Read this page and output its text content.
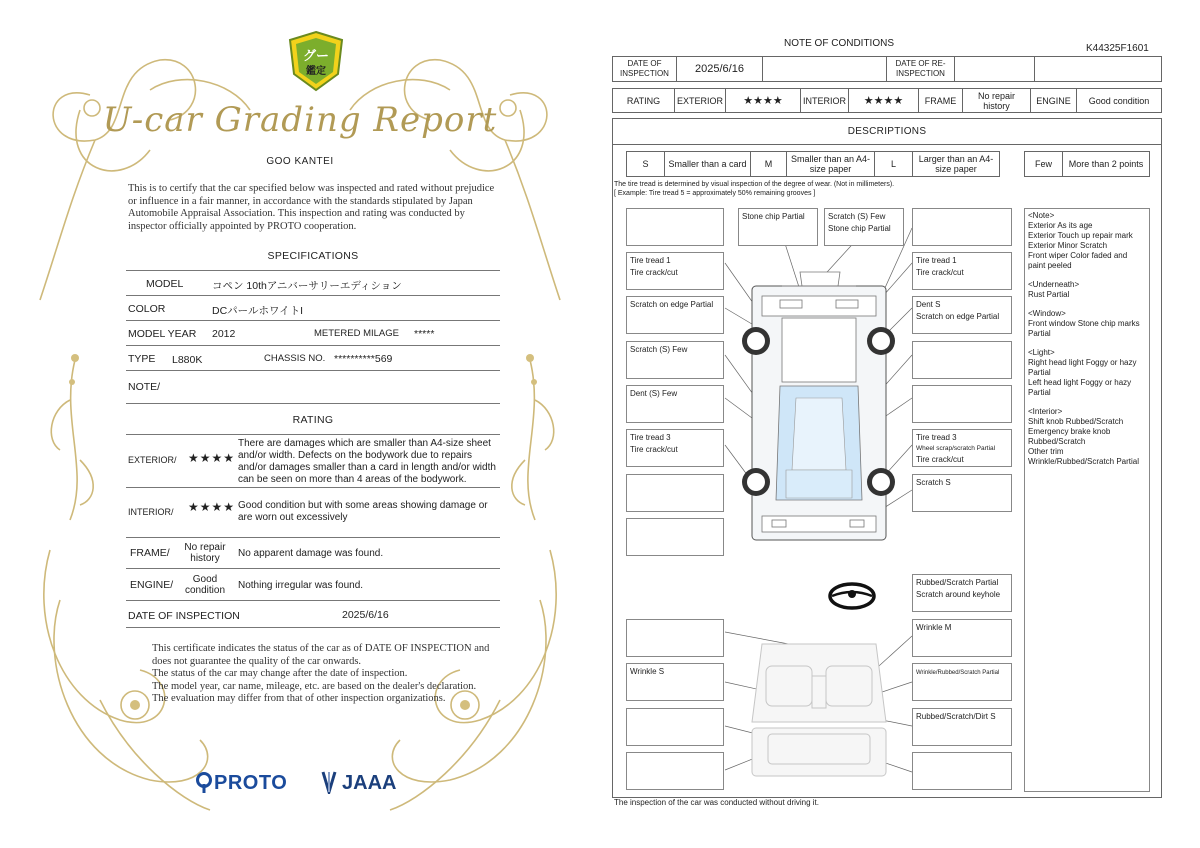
グー
鑑定
U-car Grading Report
GOO KANTEI
This is to certify that the car specified below was inspected and rated without prejudice or influence in a fair manner, in accordance with the standards stipulated by Japan Automobile Appraisal Association. This inspection and rating was conducted by inspector officially appointed by PROTO cooperation.
SPECIFICATIONS
MODEL	コペン 10thアニバーサリーエディション
COLOR	DCパールホワイトI
MODEL YEAR 2012	METERED MILAGE *****
TYPE L880K	CHASSIS NO. **********569
NOTE/
RATING
EXTERIOR/ ★★★★
There are damages which are smaller than A4-size sheet and/or width. Defects on the bodywork due to repairs and/or damages smaller than a card in length and/or width can be seen on more than 4 areas of the bodywork.
INTERIOR/ ★★★★ Good condition but with some areas showing damage or are worn out excessively
FRAME/	No repair history	No apparent damage was found.
ENGINE/	Good condition	Nothing irregular was found.
DATE OF INSPECTION	2025/6/16
This certificate indicates the status of the car as of DATE OF INSPECTION and does not guarantee the quality of the car onwards.
The status of the car may change after the date of inspection.
The model year, car name, mileage, etc. are based on the dealer's declaration.
The evaluation may differ from that of other inspection organizations.
PROTO	JAAA
NOTE OF CONDITIONS	K44325F1601
DATE OF INSPECTION	2025/6/16		DATE OF RE-INSPECTION		
RATING	EXTERIOR	★★★★	INTERIOR	★★★★	FRAME	No repair history	ENGINE	Good condition
DESCRIPTIONS
S	Smaller than a card	M	Smaller than an A4-size paper	L	Larger than an A4-size paper	Few	More than 2 points
Stone chip Partial	Scratch (S) Few
Stone chip Partial
Tire tread 1
Tire crack/cut
Tire tread 1
Tire crack/cut
Scratch on edge Partial	Dent S
Scratch on edge Partial
Scratch (S) Few
Dent (S) Few
Tire tread 3
Tire crack/cut
Tire tread 3
Wheel scrap/scratch Partial
Tire crack/cut
Scratch S
Rubbed/Scratch Partial
Scratch around keyhole
Wrinkle M
Wrinkle S	Wrinkle/Rubbed/Scratch Partial
Rubbed/Scratch/Dirt S

<Note>
Exterior As its age
Exterior Touch up repair mark
Exterior Minor Scratch
Front wiper Color faded and paint peeled

<Underneath>
Rust Partial

<Window>
Front window Stone chip marks Partial

<Light>
Right head light Foggy or hazy Partial
Left head light Foggy or hazy Partial

<Interior>
Shift knob Rubbed/Scratch
Emergency brake knob Rubbed/Scratch
Other trim Wrinkle/Rubbed/Scratch Partial

The tire tread is determined by visual inspection of the degree of wear. (Not in millimeters).
[ Example: Tire tread 5 = approximately 50% remaining grooves ]
The inspection of the car was conducted without driving it.
